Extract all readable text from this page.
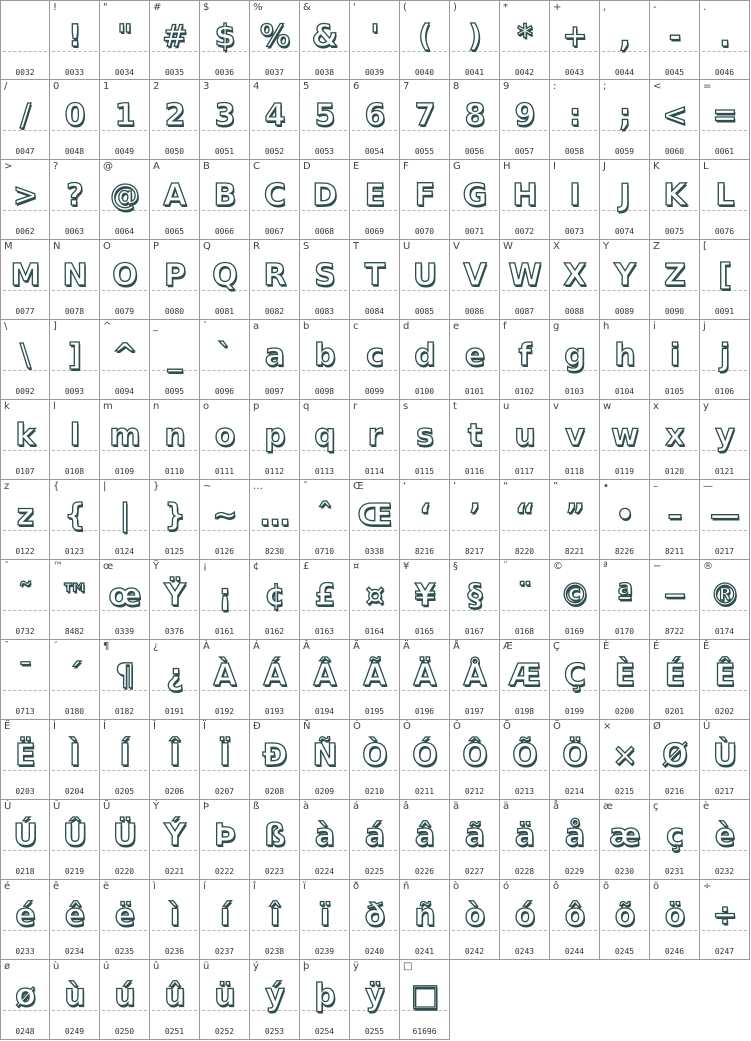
0032
!
!
0033
"
"
0034
#
#
0035
$
$
0036
%
%
0037
&
&
0038
'
'
0039
(
(
0040
)
)
0041
*
*
0042
+
+
0043
,
,
0044
-
-
0045
.
.
0046
/
/
0047
0
0
0048
1
1
0049
2
2
0050
3
3
0051
4
4
0052
5
5
0053
6
6
0054
7
7
0055
8
8
0056
9
9
0057
:
:
0058
;
;
0059
<
<
0060
=
=
0061
>
>
0062
?
?
0063
@
@
0064
A
A
0065
B
B
0066
C
C
0067
D
D
0068
E
E
0069
F
F
0070
G
G
0071
H
H
0072
I
I
0073
J
J
0074
K
K
0075
L
L
0076
M
M
0077
N
N
0078
O
O
0079
P
P
0080
Q
Q
0081
R
R
0082
S
S
0083
T
T
0084
U
U
0085
V
V
0086
W
W
0087
X
X
0088
Y
Y
0089
Z
Z
0090
[
[
0091
\
\
0092
]
]
0093
^
^
0094
_
_
0095
`
`
0096
a
a
0097
b
b
0098
c
c
0099
d
d
0100
e
e
0101
f
f
0102
g
g
0103
h
h
0104
i
i
0105
j
j
0106
k
k
0107
l
l
0108
m
m
0109
n
n
0110
o
o
0111
p
p
0112
q
q
0113
r
r
0114
s
s
0115
t
t
0116
u
u
0117
v
v
0118
w
w
0119
x
x
0120
y
y
0121
z
z
0122
{
{
0123
|
|
0124
}
}
0125
~
~
0126
…
…
8230
ˆ
ˆ
0710
Œ
Œ
0338
‘
‘
8216
’
’
8217
“
“
8220
”
”
8221
•
•
8226
–
–
8211
—
—
0217
˜
˜
0732
™
™
8482
œ
œ
0339
Ÿ
Ÿ
0376
¡
¡
0161
¢
¢
0162
£
£
0163
¤
¤
0164
¥
¥
0165
§
§
0167
¨
¨
0168
©
©
0169
ª
ª
0170
−
−
8722
®
®
0174
¯
¯
0713
´
´
0180
¶
¶
0182
¿
¿
0191
À
À
0192
Á
Á
0193
Â
Â
0194
Ã
Ã
0195
Ä
Ä
0196
Å
Å
0197
Æ
Æ
0198
Ç
Ç
0199
È
È
0200
É
É
0201
Ê
Ê
0202
Ë
Ë
0203
Ì
Ì
0204
Í
Í
0205
Î
Î
0206
Ï
Ï
0207
Ð
Ð
0208
Ñ
Ñ
0209
Ò
Ò
0210
Ó
Ó
0211
Ô
Ô
0212
Õ
Õ
0213
Ö
Ö
0214
×
×
0215
Ø
Ø
0216
Ù
Ù
0217
Ú
Ú
0218
Û
Û
0219
Ü
Ü
0220
Ý
Ý
0221
Þ
Þ
0222
ß
ß
0223
à
à
0224
á
á
0225
â
â
0226
ã
ã
0227
ä
ä
0228
å
å
0229
æ
æ
0230
ç
ç
0231
è
è
0232
é
é
0233
ê
ê
0234
ë
ë
0235
ì
ì
0236
í
í
0237
î
î
0238
ï
ï
0239
ð
ð
0240
ñ
ñ
0241
ò
ò
0242
ó
ó
0243
ô
ô
0244
õ
õ
0245
ö
ö
0246
÷
÷
0247
ø
ø
0248
ù
ù
0249
ú
ú
0250
û
û
0251
ü
ü
0252
ý
ý
0253
þ
þ
0254
ÿ
ÿ
0255
□
□
61696
